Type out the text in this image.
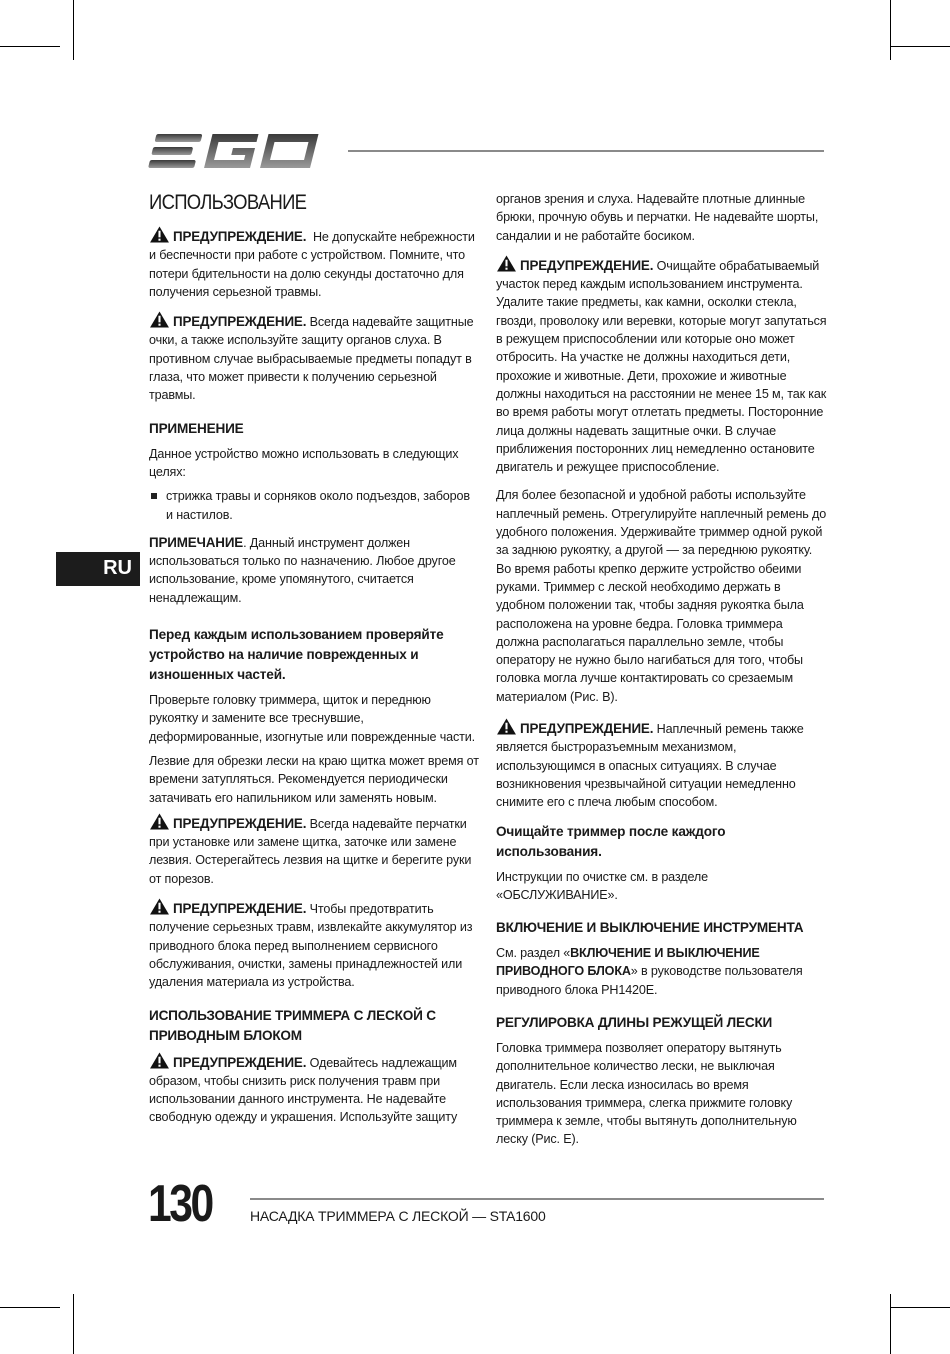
RU
ИСПОЛЬЗОВАНИЕ

ПРЕДУПРЕЖДЕНИЕ. Не допускайте небрежности и беспечности при работе с устройством. Помните, что потери бдительности на долю секунды достаточно для получения серьезной травмы.

ПРЕДУПРЕЖДЕНИЕ. Всегда надевайте защитные очки, а также используйте защиту органов слуха. В противном случае выбрасываемые предметы попадут в глаза, что может привести к получению серьезной травмы.

ПРИМЕНЕНИЕ

Данное устройство можно использовать в следующих целях:

стрижка травы и сорняков около подъездов, заборов и настилов.

ПРИМЕЧАНИЕ. Данный инструмент должен использоваться только по назначению. Любое другое использование, кроме упомянутого, считается ненадлежащим.

Перед каждым использованием проверяйте устройство на наличие поврежденных и изношенных частей.

Проверьте головку триммера, щиток и переднюю рукоятку и замените все треснувшие, деформированные, изогнутые или поврежденные части.

Лезвие для обрезки лески на краю щитка может время от времени затупляться. Рекомендуется периодически затачивать его напильником или заменять новым.

ПРЕДУПРЕЖДЕНИЕ. Всегда надевайте перчатки при установке или замене щитка, заточке или замене лезвия. Остерегайтесь лезвия на щитке и берегите руки от порезов.

ПРЕДУПРЕЖДЕНИЕ. Чтобы предотвратить получение серьезных травм, извлекайте аккумулятор из приводного блока перед выполнением сервисного обслуживания, очистки, замены принадлежностей или удаления материала из устройства.

ИСПОЛЬЗОВАНИЕ ТРИММЕРА С ЛЕСКОЙ С ПРИВОДНЫМ БЛОКОМ

ПРЕДУПРЕЖДЕНИЕ. Одевайтесь надлежащим образом, чтобы снизить риск получения травм при использовании данного инструмента. Не надевайте свободную одежду и украшения. Используйте защиту

органов зрения и слуха. Надевайте плотные длинные брюки, прочную обувь и перчатки. Не надевайте шорты, сандалии и не работайте босиком.

ПРЕДУПРЕЖДЕНИЕ. Очищайте обрабатываемый участок перед каждым использованием инструмента. Удалите такие предметы, как камни, осколки стекла, гвозди, проволоку или веревки, которые могут запутаться в режущем приспособлении или которые оно может отбросить. На участке не должны находиться дети, прохожие и животные. Дети, прохожие и животные должны находиться на расстоянии не менее 15 м, так как во время работы могут отлетать предметы. Посторонние лица должны надевать защитные очки. В случае приближения посторонних лиц немедленно остановите двигатель и режущее приспособление.

Для более безопасной и удобной работы используйте наплечный ремень. Отрегулируйте наплечный ремень до удобного положения. Удерживайте триммер одной рукой за заднюю рукоятку, а другой — за переднюю рукоятку. Во время работы крепко держите устройство обеими руками. Триммер с леской необходимо держать в удобном положении так, чтобы задняя рукоятка была расположена на уровне бедра. Головка триммера должна располагаться параллельно земле, чтобы оператору не нужно было нагибаться для того, чтобы головка могла лучше контактировать со срезаемым материалом (Рис. В).

ПРЕДУПРЕЖДЕНИЕ. Наплечный ремень также является быстроразъемным механизмом, использующимся в опасных ситуациях. В случае возникновения чрезвычайной ситуации немедленно снимите его с плеча любым способом.

Очищайте триммер после каждого использования.

Инструкции по очистке см. в разделе «ОБСЛУЖИВАНИЕ».

ВКЛЮЧЕНИЕ И ВЫКЛЮЧЕНИЕ ИНСТРУМЕНТА

См. раздел «ВКЛЮЧЕНИЕ И ВЫКЛЮЧЕНИЕ ПРИВОДНОГО БЛОКА» в руководстве пользователя приводного блока PH1420E.

РЕГУЛИРОВКА ДЛИНЫ РЕЖУЩЕЙ ЛЕСКИ

Головка триммера позволяет оператору вытянуть дополнительное количество лески, не выключая двигатель. Если леска износилась во время использования триммера, слегка прижмите головку триммера к земле, чтобы вытянуть дополнительную леску (Рис. Е).

130	НАСАДКА ТРИММЕРА С ЛЕСКОЙ — STA1600
